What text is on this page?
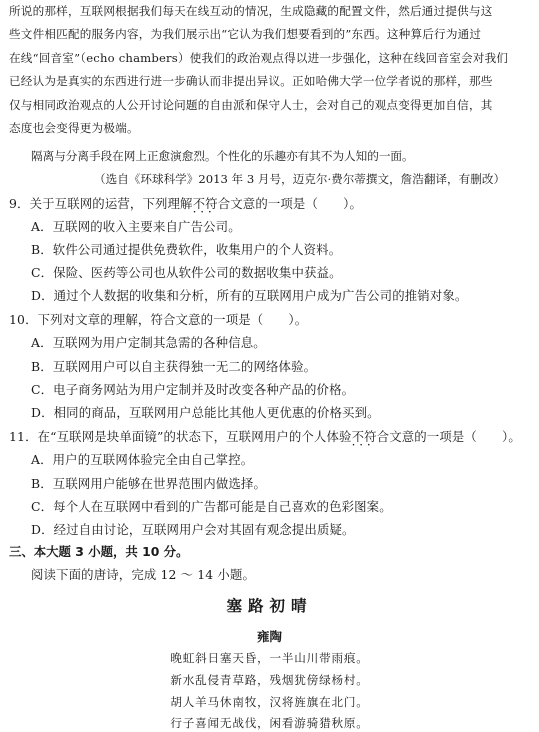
所说的那样，互联网根据我们每天在线互动的情况，生成隐藏的配置文件，然后通过提供与这
些文件相匹配的服务内容，为我们展示出“它认为我们想要看到的”东西。这种算后行为通过
在线“回音室”（echo chambers）使我们的政治观点得以进一步强化，这种在线回音室会对我们
已经认为是真实的东西进行进一步确认而非提出异议。正如哈佛大学一位学者说的那样，那些
仅与相同政治观点的人公开讨论问题的自由派和保守人士，会对自己的观点变得更加自信，其
态度也会变得更为极端。
隔离与分离手段在网上正愈演愈烈。个性化的乐趣亦有其不为人知的一面。
（选自《环球科学》2013 年 3 月号，迈克尔·费尔蒂撰文，詹浩翻译，有删改）
9．关于互联网的运营，下列理解不符合 · · ·文意的一项是（　　）。
A．互联网的收入主要来自广告公司。
B．软件公司通过提供免费软件，收集用户的个人资料。
C．保险、医药等公司也从软件公司的数据收集中获益。
D．通过个人数据的收集和分析，所有的互联网用户成为广告公司的推销对象。
10．下列对文章的理解，符合文意的一项是（　　）。
A．互联网为用户定制其急需的各种信息。
B．互联网用户可以自主获得独一无二的网络体验。
C．电子商务网站为用户定制并及时改变各种产品的价格。
D．相同的商品，互联网用户总能比其他人更优惠的价格买到。
11．在“互联网是块单面镜”的状态下，互联网用户的个人体验不符合 · · ·文意的一项是（　　）。
A．用户的互联网体验完全由自己掌控。
B．互联网用户能够在世界范围内做选择。
C．每个人在互联网中看到的广告都可能是自己喜欢的色彩图案。
D．经过自由讨论，互联网用户会对其固有观念提出质疑。
三、本大题 3 小题，共 10 分。
阅读下面的唐诗，完成 12 ～ 14 小题。
塞路初晴
雍陶
晚虹斜日塞天昏，一半山川带雨痕。
新水乱侵青草路，残烟犹傍绿杨村。
胡人羊马休南牧，汉将旌旗在北门。
行子喜闻无战伐，闲看游骑猎秋原。
